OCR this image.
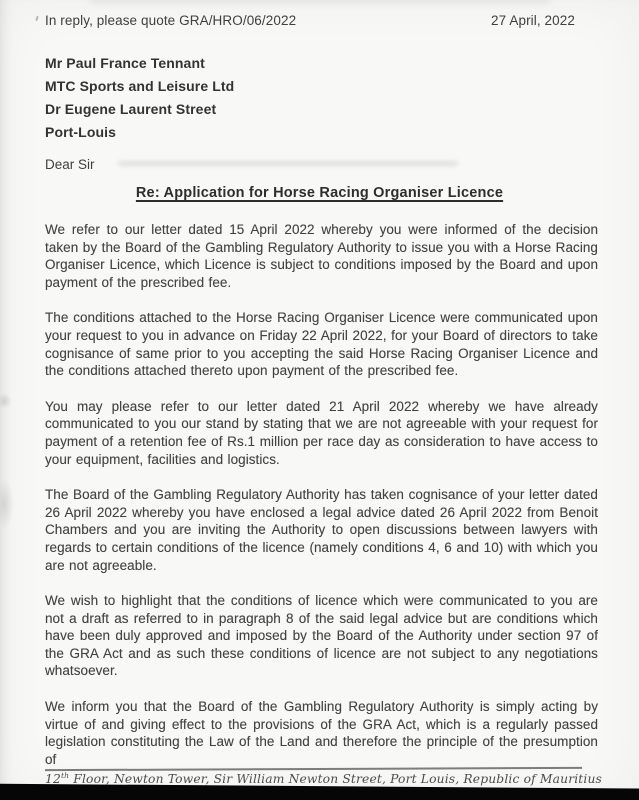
In reply, please quote GRA/HRO/06/2022	27 April, 2022
Mr Paul France Tennant
MTC Sports and Leisure Ltd
Dr Eugene Laurent Street
Port-Louis
Dear Sir
Re: Application for Horse Racing Organiser Licence

We refer to our letter dated 15 April 2022 whereby you were informed of the decision taken by the Board of the Gambling Regulatory Authority to issue you with a Horse Racing Organiser Licence, which Licence is subject to conditions imposed by the Board and upon payment of the prescribed fee.

The conditions attached to the Horse Racing Organiser Licence were communicated upon your request to you in advance on Friday 22 April 2022, for your Board of directors to take cognisance of same prior to you accepting the said Horse Racing Organiser Licence and the conditions attached thereto upon payment of the prescribed fee.

You may please refer to our letter dated 21 April 2022 whereby we have already communicated to you our stand by stating that we are not agreeable with your request for payment of a retention fee of Rs.1 million per race day as consideration to have access to your equipment, facilities and logistics.

The Board of the Gambling Regulatory Authority has taken cognisance of your letter dated 26 April 2022 whereby you have enclosed a legal advice dated 26 April 2022 from Benoit Chambers and you are inviting the Authority to open discussions between lawyers with regards to certain conditions of the licence (namely conditions 4, 6 and 10) with which you are not agreeable.

We wish to highlight that the conditions of licence which were communicated to you are not a draft as referred to in paragraph 8 of the said legal advice but are conditions which have been duly approved and imposed by the Board of the Authority under section 97 of the GRA Act and as such these conditions of licence are not subject to any negotiations whatsoever.

We inform you that the Board of the Gambling Regulatory Authority is simply acting by virtue of and giving effect to the provisions of the GRA Act, which is a regularly passed legislation constituting the Law of the Land and therefore the principle of the presumption of

12th Floor, Newton Tower, Sir William Newton Street, Port Louis, Republic of Mauritius
